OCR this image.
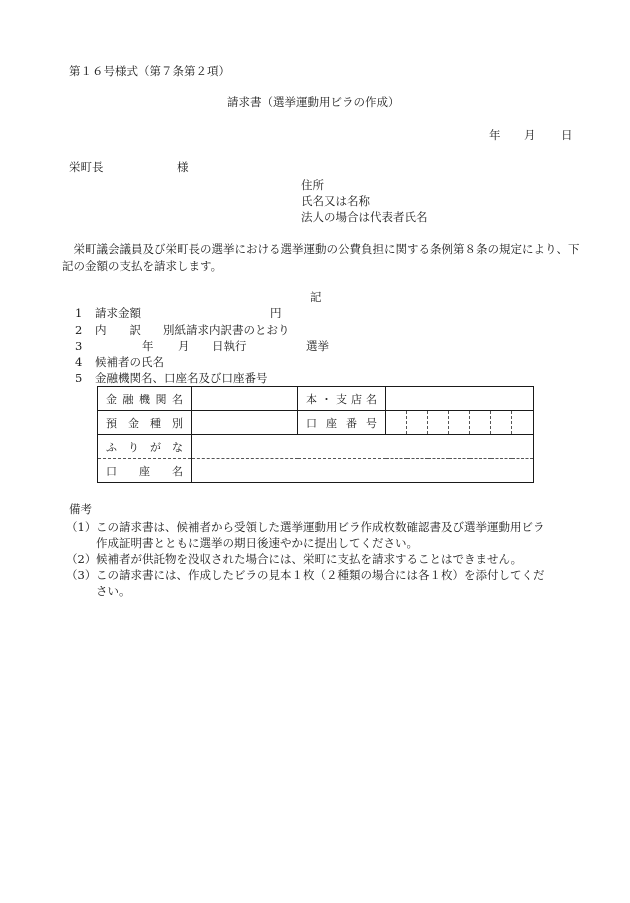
第１６号様式（第７条第２項）
請求書（選挙運動用ビラの作成）
年 月 日
栄町長	様
住所
氏名又は名称
法人の場合は代表者氏名
　栄町議会議員及び栄町長の選挙における選挙運動の公費負担に関する条例第８条の規定により、下記の金額の支払を請求します。
記
1 請求金額	円
2 内　　訳 別紙請求内訳書のとおり
3	年 月 日執行	選挙
4 候補者の氏名
5 金融機関名、口座名及び口座番号
金融機関名		本・支店名							
預金種別		口座番号							
ふりがな									
口座名									
備考
（1）この請求書は、候補者から受領した選挙運動用ビラ作成枚数確認書及び選挙運動用ビラ
作成証明書とともに選挙の期日後速やかに提出してください。
（2）候補者が供託物を没収された場合には、栄町に支払を請求することはできません。
（3）この請求書には、作成したビラの見本１枚（２種類の場合には各１枚）を添付してくだ
さい。
